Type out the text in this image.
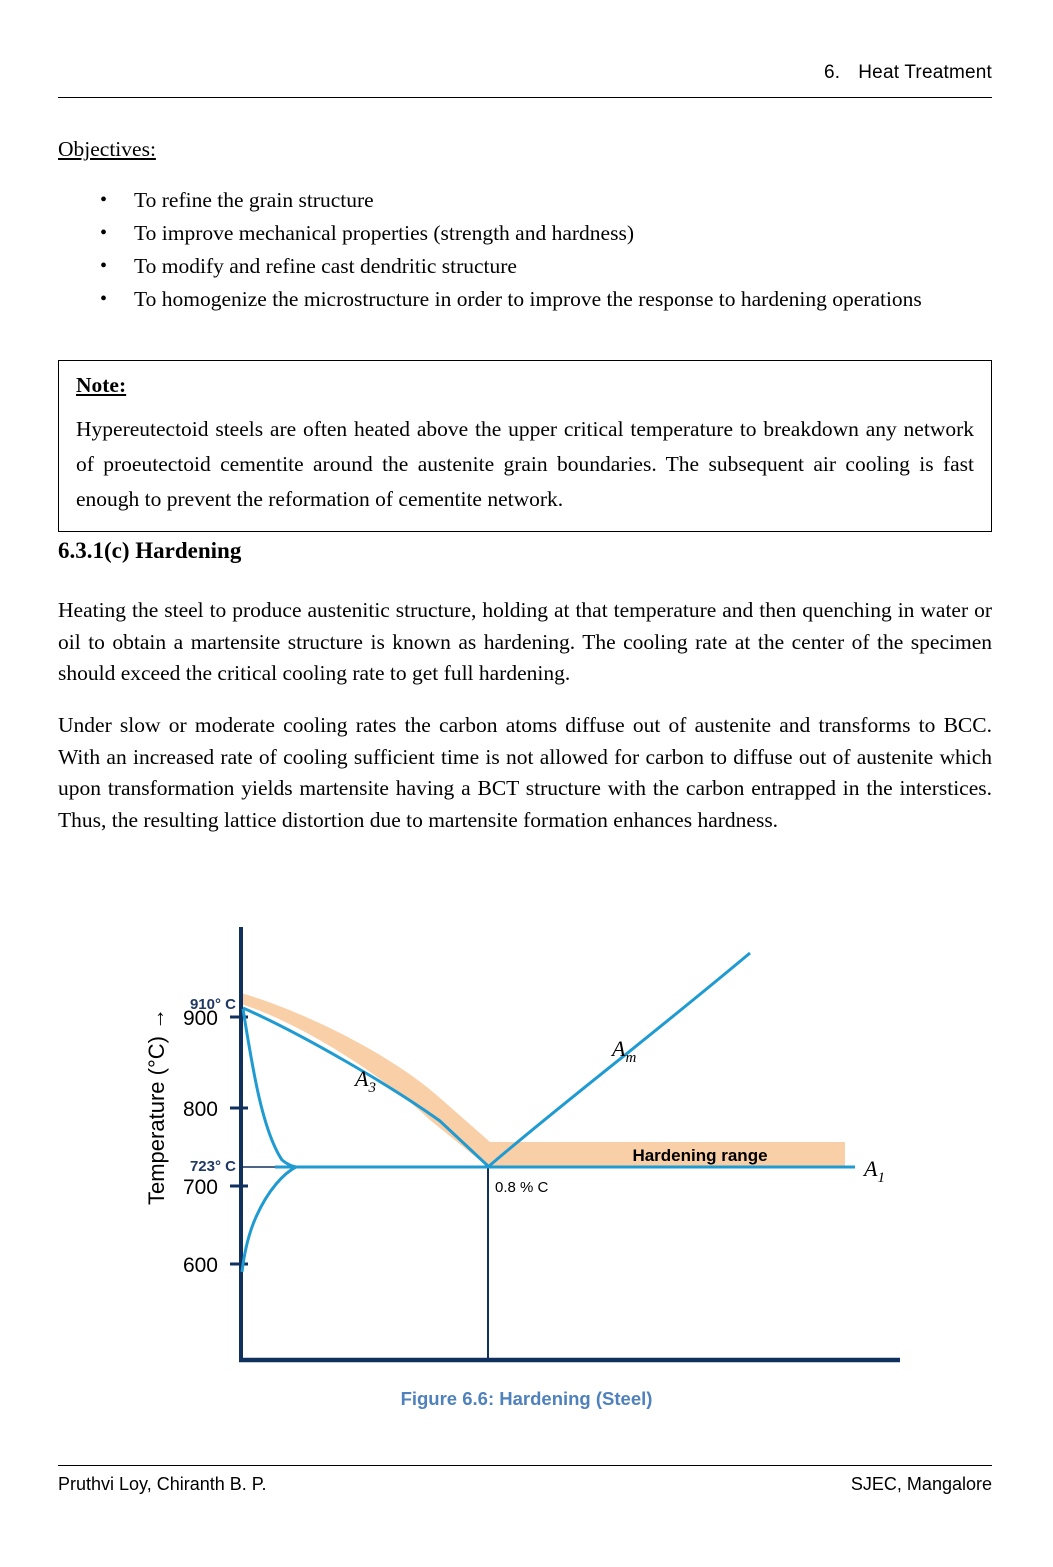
6. Heat Treatment
Objectives:
• To refine the grain structure
• To improve mechanical properties (strength and hardness)
• To modify and refine cast dendritic structure
• To homogenize the microstructure in order to improve the response to hardening operations
Note:
Hypereutectoid steels are often heated above the upper critical temperature to breakdown any network of proeutectoid cementite around the austenite grain boundaries. The subsequent air cooling is fast enough to prevent the reformation of cementite network.
6.3.1(c) Hardening
Heating the steel to produce austenitic structure, holding at that temperature and then quenching in water or oil to obtain a martensite structure is known as hardening. The cooling rate at the center of the specimen should exceed the critical cooling rate to get full hardening.
Under slow or moderate cooling rates the carbon atoms diffuse out of austenite and transforms to BCC. With an increased rate of cooling sufficient time is not allowed for carbon to diffuse out of austenite which upon transformation yields martensite having a BCT structure with the carbon entrapped in the interstices. Thus, the resulting lattice distortion due to martensite formation enhances hardness.
900
800
700
600
910° C
723° C
$A_3$
$A_m$
$A_1$
0.8 % C
Hardening range
Temperature (°C) →
Figure 6.6: Hardening (Steel)
Pruthvi Loy, Chiranth B. P.	SJEC, Mangalore
